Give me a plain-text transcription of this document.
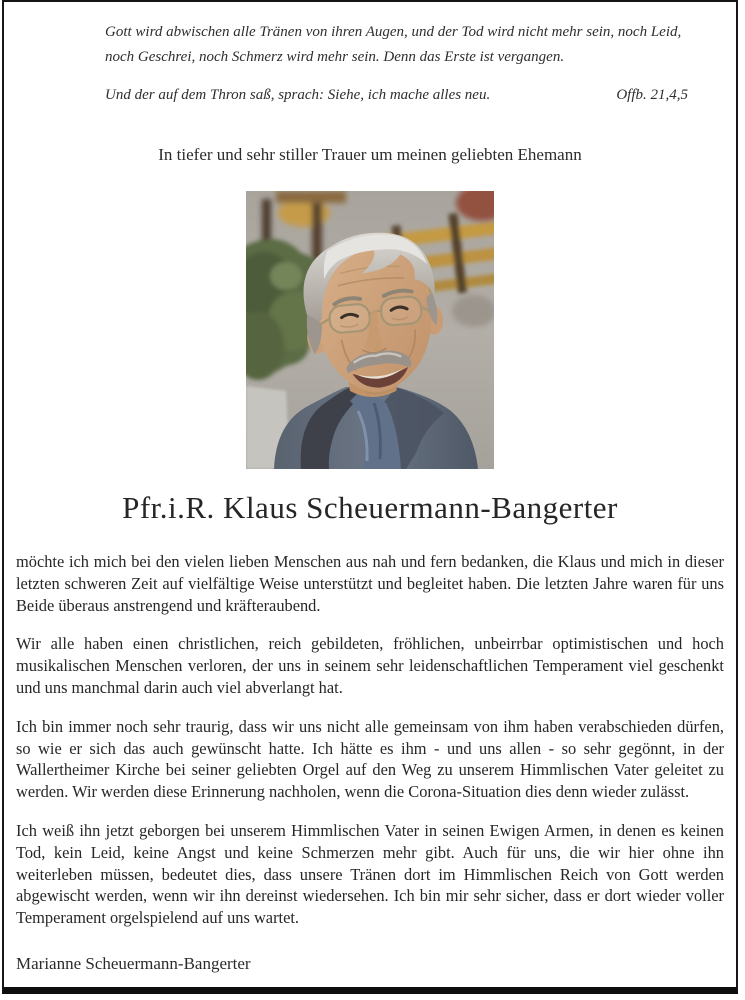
Gott wird abwischen alle Tränen von ihren Augen, und der Tod wird nicht mehr sein, noch Leid, noch Geschrei, noch Schmerz wird mehr sein. Denn das Erste ist vergangen.

Und der auf dem Thron saß, sprach: Siehe, ich mache alles neu.	Offb. 21,4,5
In tiefer und sehr stiller Trauer um meinen geliebten Ehemann
Pfr.i.R. Klaus Scheuermann-Bangerter

möchte ich mich bei den vielen lieben Menschen aus nah und fern bedanken, die Klaus und mich in dieser letzten schweren Zeit auf vielfältige Weise unterstützt und begleitet haben. Die letzten Jahre waren für uns Beide überaus anstrengend und kräfteraubend.

Wir alle haben einen christlichen, reich gebildeten, fröhlichen, unbeirrbar optimistischen und hoch musikalischen Menschen verloren, der uns in seinem sehr leidenschaftlichen Temperament viel geschenkt und uns manchmal darin auch viel abverlangt hat.

Ich bin immer noch sehr traurig, dass wir uns nicht alle gemeinsam von ihm haben verabschieden dürfen, so wie er sich das auch gewünscht hatte. Ich hätte es ihm - und uns allen - so sehr gegönnt, in der Wallertheimer Kirche bei seiner geliebten Orgel auf den Weg zu unserem Himmlischen Vater geleitet zu werden. Wir werden diese Erinnerung nachholen, wenn die Corona-Situation dies denn wieder zulässt.

Ich weiß ihn jetzt geborgen bei unserem Himmlischen Vater in seinen Ewigen Armen, in denen es keinen Tod, kein Leid, keine Angst und keine Schmerzen mehr gibt. Auch für uns, die wir hier ohne ihn weiterleben müssen, bedeutet dies, dass unsere Tränen dort im Himmlischen Reich von Gott werden abgewischt werden, wenn wir ihn dereinst wiedersehen. Ich bin mir sehr sicher, dass er dort wieder voller Temperament orgelspielend auf uns wartet.

Marianne Scheuermann-Bangerter
